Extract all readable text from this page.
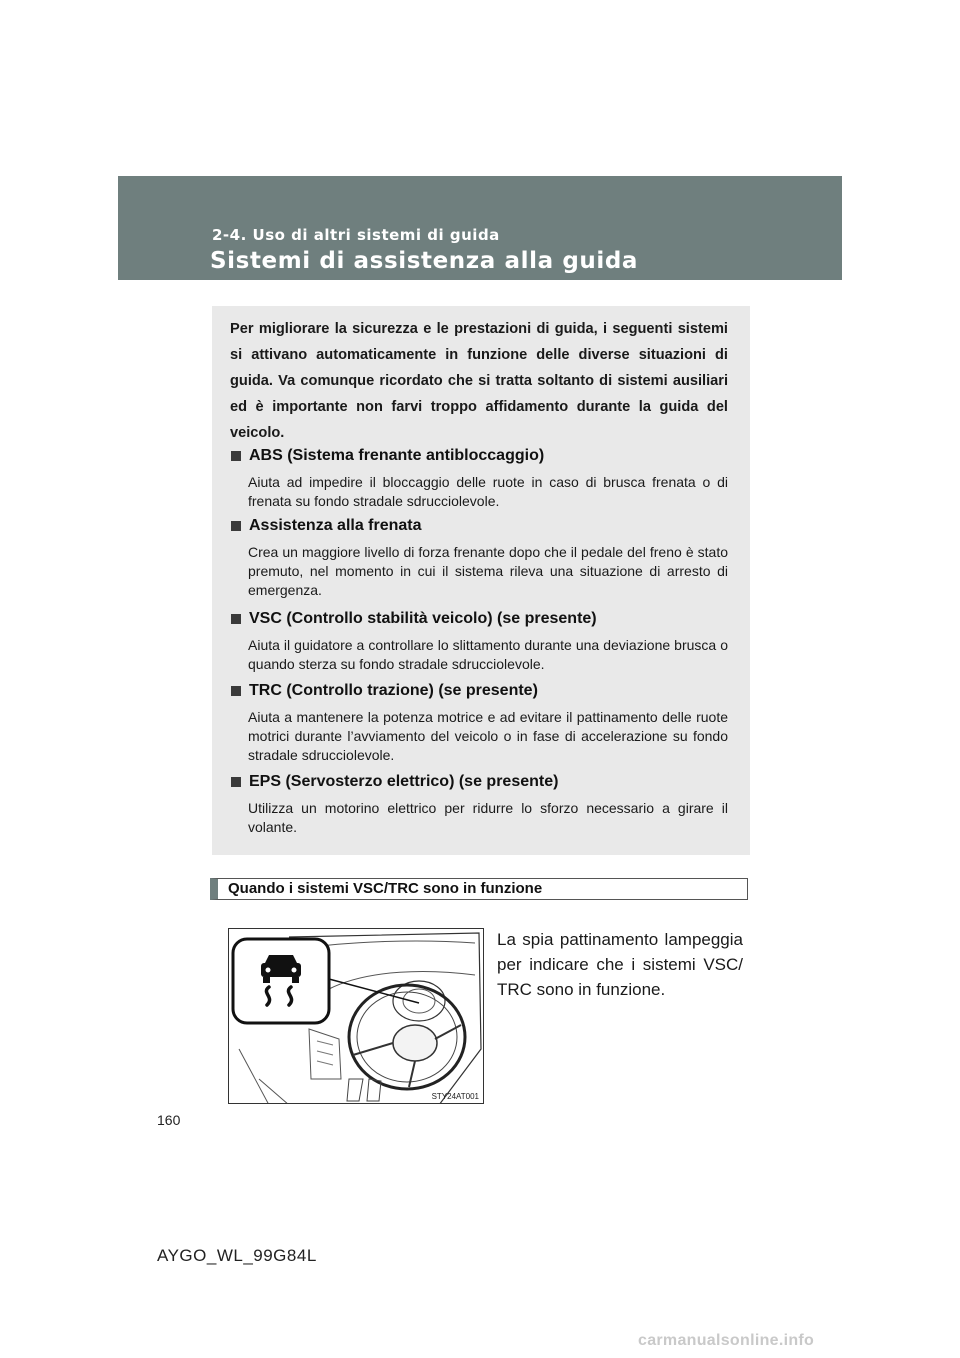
2-4. Uso di altri sistemi di guida
Sistemi di assistenza alla guida
Per migliorare la sicurezza e le prestazioni di guida, i seguenti sistemi si attivano automaticamente in funzione delle diverse situazioni di guida. Va comunque ricordato che si tratta soltanto di sistemi ausiliari ed è importante non farvi troppo affidamento durante la guida del veicolo.
ABS (Sistema frenante antibloccaggio)
Aiuta ad impedire il bloccaggio delle ruote in caso di brusca frenata o di frenata su fondo stradale sdrucciolevole.
Assistenza alla frenata
Crea un maggiore livello di forza frenante dopo che il pedale del freno è stato premuto, nel momento in cui il sistema rileva una situazione di arresto di emergenza.
VSC (Controllo stabilità veicolo) (se presente)
Aiuta il guidatore a controllare lo slittamento durante una deviazione brusca o quando sterza su fondo stradale sdrucciolevole.
TRC (Controllo trazione) (se presente)
Aiuta a mantenere la potenza motrice e ad evitare il pattinamento delle ruote motrici durante l’avviamento del veicolo o in fase di accelerazione su fondo stradale sdrucciolevole.
EPS (Servosterzo elettrico) (se presente)
Utilizza un motorino elettrico per ridurre lo sforzo necessario a girare il volante.
Quando i sistemi VSC/TRC sono in funzione
STY24AT001
La spia pattinamento lampeggia per indicare che i sistemi VSC/ TRC sono in funzione.
160
AYGO_WL_99G84L
carmanualsonline.info
